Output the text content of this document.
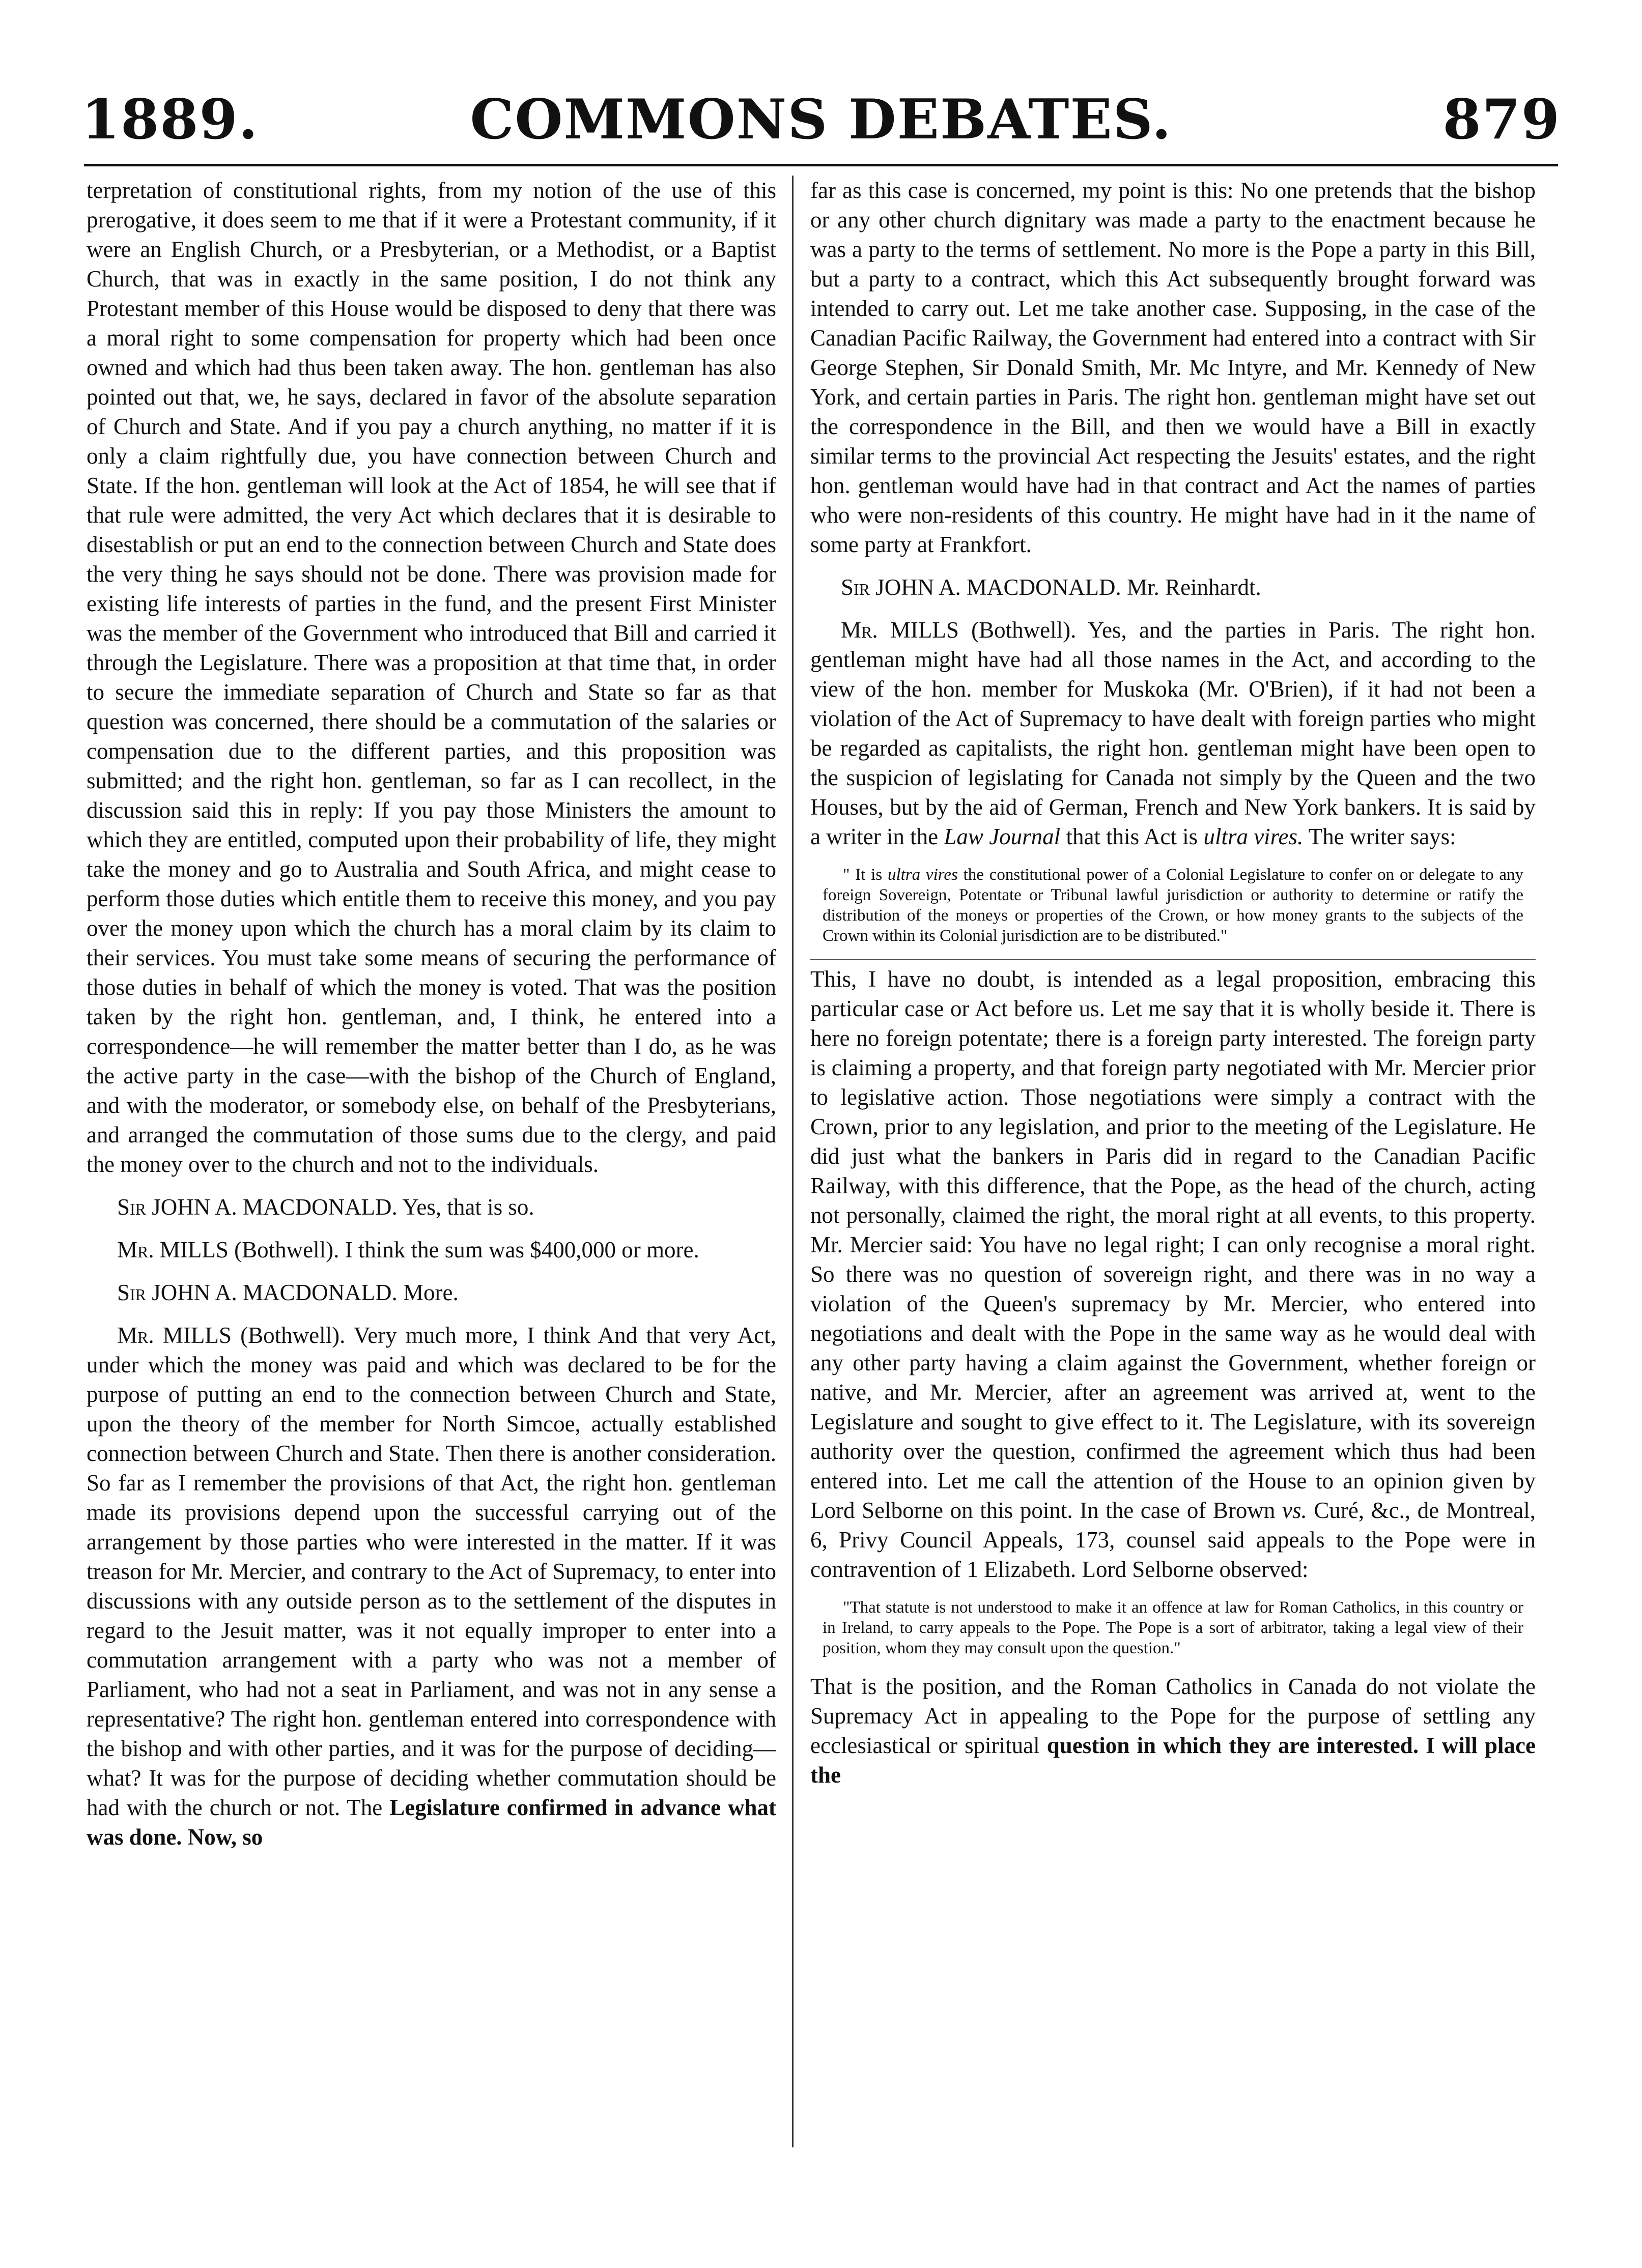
1889.	COMMONS DEBATES.	879

terpretation of constitutional rights, from my notion of the use of this prerogative, it does seem to me that if it were a Protestant community, if it were an English Church, or a Presbyterian, or a Methodist, or a Baptist Church, that was in exactly in the same position, I do not think any Protestant member of this House would be disposed to deny that there was a moral right to some compensation for property which had been once owned and which had thus been taken away. The hon. gentleman has also pointed out that, we, he says, declared in favor of the absolute separation of Church and State. And if you pay a church anything, no matter if it is only a claim rightfully due, you have connection between Church and State. If the hon. gentleman will look at the Act of 1854, he will see that if that rule were admitted, the very Act which declares that it is desirable to disestablish or put an end to the connection between Church and State does the very thing he says should not be done. There was provision made for existing life interests of parties in the fund, and the present First Minister was the member of the Government who introduced that Bill and carried it through the Legislature. There was a proposition at that time that, in order to secure the immediate separation of Church and State so far as that question was concerned, there should be a commutation of the salaries or compensation due to the different parties, and this proposition was submitted; and the right hon. gentleman, so far as I can recollect, in the discussion said this in reply: If you pay those Ministers the amount to which they are entitled, computed upon their probability of life, they might take the money and go to Australia and South Africa, and might cease to perform those duties which entitle them to receive this money, and you pay over the money upon which the church has a moral claim by its claim to their services. You must take some means of securing the performance of those duties in behalf of which the money is voted. That was the position taken by the right hon. gentleman, and, I think, he entered into a correspondence—he will remember the matter better than I do, as he was the active party in the case—with the bishop of the Church of England, and with the moderator, or somebody else, on behalf of the Presbyterians, and arranged the commutation of those sums due to the clergy, and paid the money over to the church and not to the individuals.

Sir JOHN A. MACDONALD. Yes, that is so.

Mr. MILLS (Bothwell). I think the sum was $400,000 or more.

Sir JOHN A. MACDONALD. More.

Mr. MILLS (Bothwell). Very much more, I think And that very Act, under which the money was paid and which was declared to be for the purpose of putting an end to the connection between Church and State, upon the theory of the member for North Simcoe, actually established connection between Church and State. Then there is another consideration. So far as I remember the provisions of that Act, the right hon. gentleman made its provisions depend upon the successful carrying out of the arrangement by those parties who were interested in the matter. If it was treason for Mr. Mercier, and contrary to the Act of Supremacy, to enter into discussions with any outside person as to the settlement of the disputes in regard to the Jesuit matter, was it not equally improper to enter into a commutation arrangement with a party who was not a member of Parliament, who had not a seat in Parliament, and was not in any sense a representative? The right hon. gentleman entered into correspondence with the bishop and with other parties, and it was for the purpose of deciding—what? It was for the purpose of deciding whether commutation should be had with the church or not. The Legislature confirmed in advance what was done. Now, so

far as this case is concerned, my point is this: No one pretends that the bishop or any other church dignitary was made a party to the enactment because he was a party to the terms of settlement. No more is the Pope a party in this Bill, but a party to a contract, which this Act subsequently brought forward was intended to carry out. Let me take another case. Supposing, in the case of the Canadian Pacific Railway, the Government had entered into a contract with Sir George Stephen, Sir Donald Smith, Mr. Mc Intyre, and Mr. Kennedy of New York, and certain parties in Paris. The right hon. gentleman might have set out the correspondence in the Bill, and then we would have a Bill in exactly similar terms to the provincial Act respecting the Jesuits' estates, and the right hon. gentleman would have had in that contract and Act the names of parties who were non-residents of this country. He might have had in it the name of some party at Frankfort.

Sir JOHN A. MACDONALD. Mr. Reinhardt.

Mr. MILLS (Bothwell). Yes, and the parties in Paris. The right hon. gentleman might have had all those names in the Act, and according to the view of the hon. member for Muskoka (Mr. O'Brien), if it had not been a violation of the Act of Supremacy to have dealt with foreign parties who might be regarded as capitalists, the right hon. gentleman might have been open to the suspicion of legislating for Canada not simply by the Queen and the two Houses, but by the aid of German, French and New York bankers. It is said by a writer in the Law Journal that this Act is ultra vires. The writer says:

" It is ultra vires the constitutional power of a Colonial Legislature to confer on or delegate to any foreign Sovereign, Potentate or Tribunal lawful jurisdiction or authority to determine or ratify the distribution of the moneys or properties of the Crown, or how money grants to the subjects of the Crown within its Colonial jurisdiction are to be distributed."

This, I have no doubt, is intended as a legal proposition, embracing this particular case or Act before us. Let me say that it is wholly beside it. There is here no foreign potentate; there is a foreign party interested. The foreign party is claiming a property, and that foreign party negotiated with Mr. Mercier prior to legislative action. Those negotiations were simply a contract with the Crown, prior to any legislation, and prior to the meeting of the Legislature. He did just what the bankers in Paris did in regard to the Canadian Pacific Railway, with this difference, that the Pope, as the head of the church, acting not personally, claimed the right, the moral right at all events, to this property. Mr. Mercier said: You have no legal right; I can only recognise a moral right. So there was no question of sovereign right, and there was in no way a violation of the Queen's supremacy by Mr. Mercier, who entered into negotiations and dealt with the Pope in the same way as he would deal with any other party having a claim against the Government, whether foreign or native, and Mr. Mercier, after an agreement was arrived at, went to the Legislature and sought to give effect to it. The Legislature, with its sovereign authority over the question, confirmed the agreement which thus had been entered into. Let me call the attention of the House to an opinion given by Lord Selborne on this point. In the case of Brown vs. Curé, &c., de Montreal, 6, Privy Council Appeals, 173, counsel said appeals to the Pope were in contravention of 1 Elizabeth. Lord Selborne observed:

"That statute is not understood to make it an offence at law for Roman Catholics, in this country or in Ireland, to carry appeals to the Pope. The Pope is a sort of arbitrator, taking a legal view of their position, whom they may consult upon the question."

That is the position, and the Roman Catholics in Canada do not violate the Supremacy Act in appealing to the Pope for the purpose of settling any ecclesiastical or spiritual question in which they are interested. I will place the
